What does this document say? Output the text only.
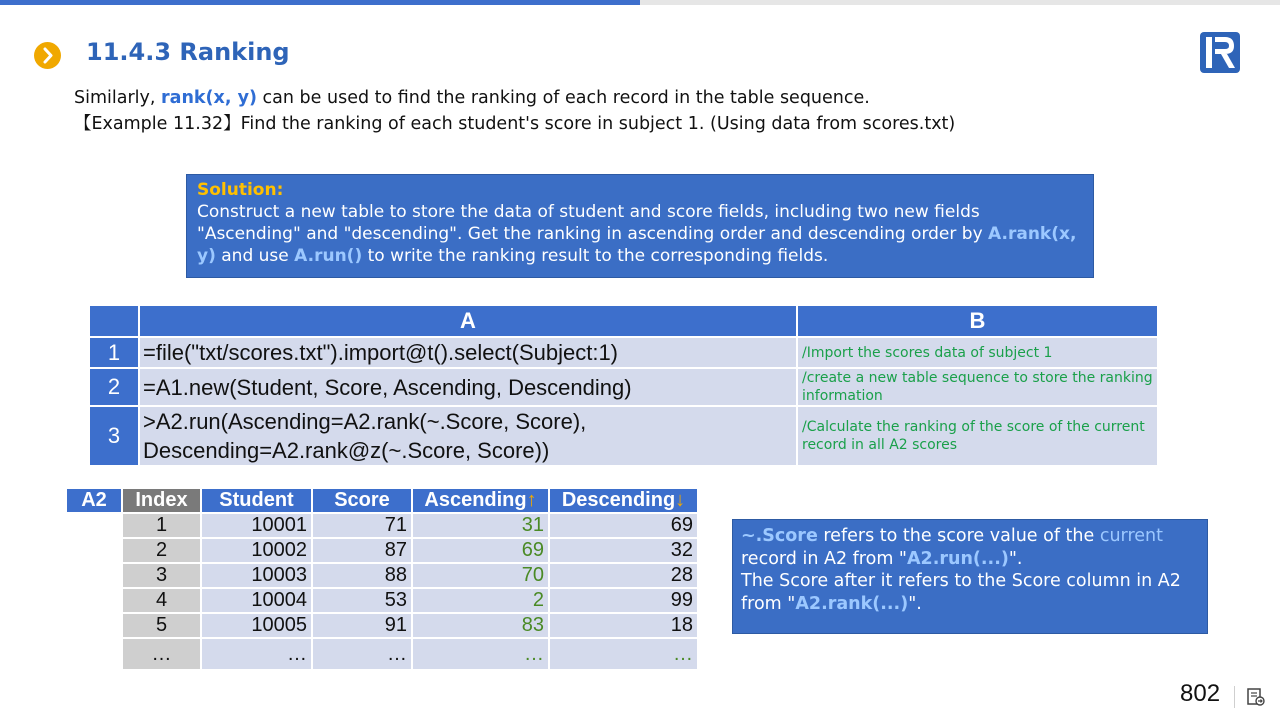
11.4.3 Ranking
Similarly, rank(x, y) can be used to find the ranking of each record in the table sequence.
【Example 11.32】Find the ranking of each student's score in subject 1. (Using data from scores.txt)
Solution:
Construct a new table to store the data of student and score fields, including two new fields "Ascending" and "descending". Get the ranking in ascending order and descending order by A.rank(x, y) and use A.run() to write the ranking result to the corresponding fields.
	A	B
1	=file("txt/scores.txt").import@t().select(Subject:1)	/Import the scores data of subject 1
2	=A1.new(Student, Score, Ascending, Descending)	/create a new table sequence to store the ranking information
3	>A2.run(Ascending=A2.rank(~.Score, Score),
Descending=A2.rank@z(~.Score, Score))	/Calculate the ranking of the score of the current record in all A2 scores
A2	Index	Student	Score	Ascending↑	Descending↓
	1	10001	71	31	69
	2	10002	87	69	32
	3	10003	88	70	28
	4	10004	53	2	99
	5	10005	91	83	18
	…	…	…	…	…
~.Score refers to the score value of the current record in A2 from "A2.run(...)".
The Score after it refers to the Score column in A2 from "A2.rank(...)".
802
